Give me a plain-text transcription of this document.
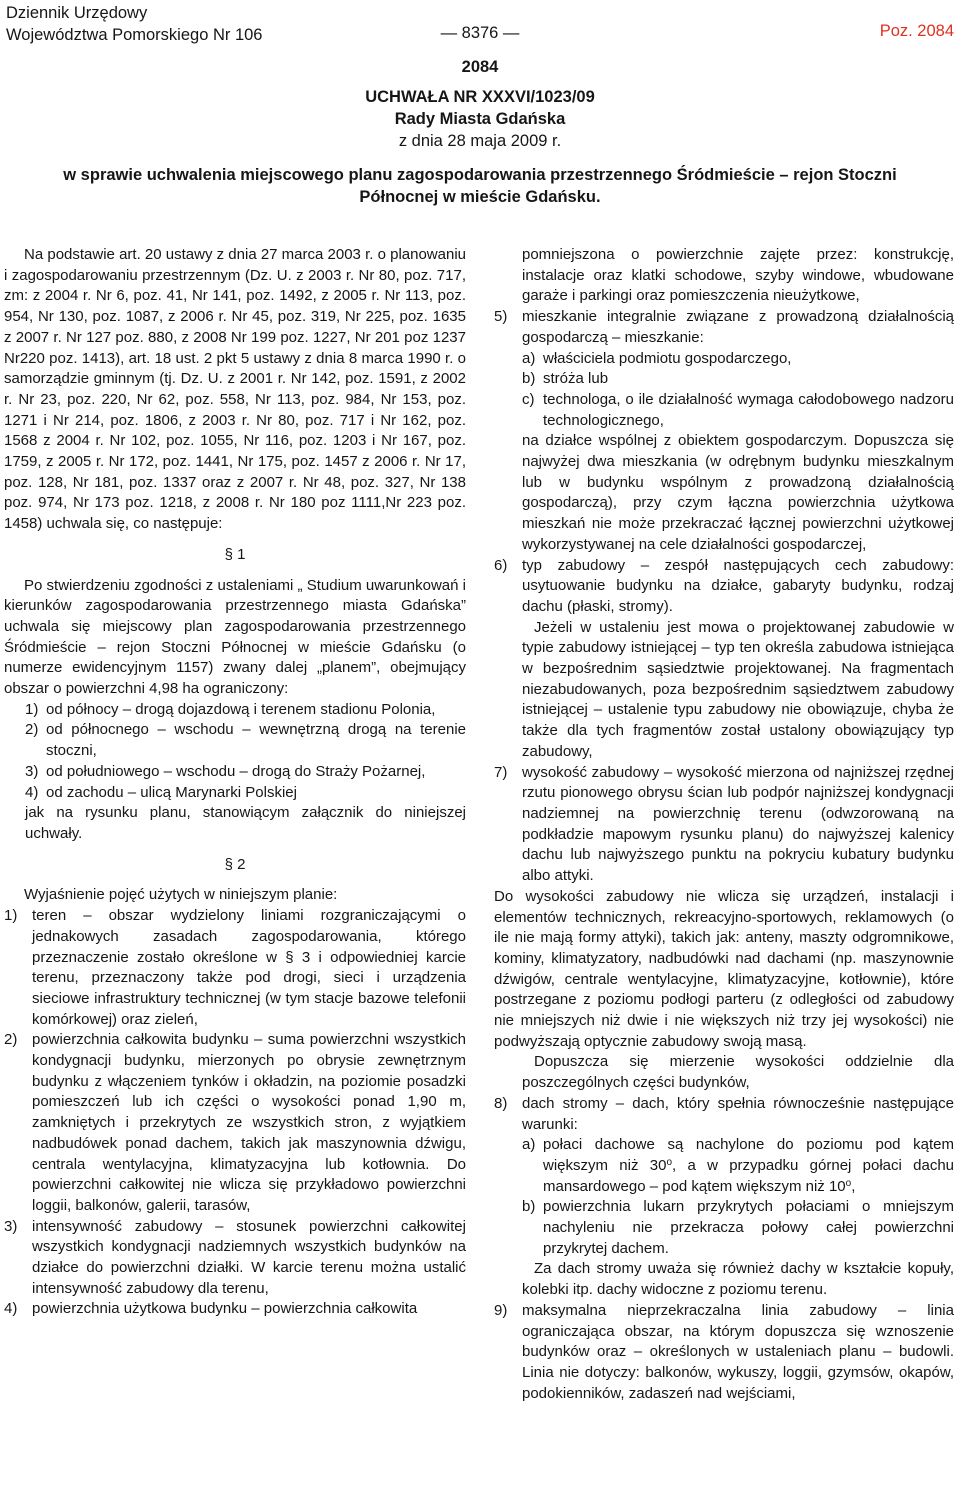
Dziennik Urzędowy
Województwa Pomorskiego Nr 106	— 8376 —	Poz. 2084
2084
UCHWAŁA NR XXXVI/1023/09
Rady Miasta Gdańska
z dnia 28 maja 2009 r.
w sprawie uchwalenia miejscowego planu zagospodarowania przestrzennego Śródmieście – rejon Stoczni Północnej w mieście Gdańsku.

Na podstawie art. 20 ustawy z dnia 27 marca 2003 r. o planowaniu i zagospodarowaniu przestrzennym (Dz. U. z 2003 r. Nr 80, poz. 717, zm: z 2004 r. Nr 6, poz. 41, Nr 141, poz. 1492, z 2005 r. Nr 113, poz. 954, Nr 130, poz. 1087, z 2006 r. Nr 45, poz. 319, Nr 225, poz. 1635 z 2007 r. Nr 127 poz. 880, z 2008 Nr 199 poz. 1227, Nr 201 poz 1237 Nr220 poz. 1413), art. 18 ust. 2 pkt 5 ustawy z dnia 8 marca 1990 r. o samorządzie gminnym (tj. Dz. U. z 2001 r. Nr 142, poz. 1591, z 2002 r. Nr 23, poz. 220, Nr 62, poz. 558, Nr 113, poz. 984, Nr 153, poz. 1271 i Nr 214, poz. 1806, z 2003 r. Nr 80, poz. 717 i Nr 162, poz. 1568 z 2004 r. Nr 102, poz. 1055, Nr 116, poz. 1203 i Nr 167, poz. 1759, z 2005 r. Nr 172, poz. 1441, Nr 175, poz. 1457 z 2006 r. Nr 17, poz. 128, Nr 181, poz. 1337 oraz z 2007 r. Nr 48, poz. 327, Nr 138 poz. 974, Nr 173 poz. 1218, z 2008 r. Nr 180 poz 1111,Nr 223 poz. 1458) uchwala się, co następuje:

§ 1

Po stwierdzeniu zgodności z ustaleniami „ Studium uwarunkowań i kierunków zagospodarowania przestrzennego miasta Gdańska” uchwala się miejscowy plan zagospodarowania przestrzennego Śródmieście – rejon Stoczni Północnej w mieście Gdańsku (o numerze ewidencyjnym 1157) zwany dalej „planem”, obejmujący obszar o powierzchni 4,98 ha ograniczony:

1) od północy – drogą dojazdową i terenem stadionu Polonia,
2) od północnego – wschodu – wewnętrzną drogą na terenie stoczni,
3) od południowego – wschodu – drogą do Straży Pożarnej,
4) od zachodu – ulicą Marynarki Polskiej

jak na rysunku planu, stanowiącym załącznik do niniejszej uchwały.

§ 2

Wyjaśnienie pojęć użytych w niniejszym planie:

1) teren – obszar wydzielony liniami rozgraniczającymi o jednakowych zasadach zagospodarowania, którego przeznaczenie zostało określone w § 3 i odpowiedniej karcie terenu, przeznaczony także pod drogi, sieci i urządzenia sieciowe infrastruktury technicznej (w tym stacje bazowe telefonii komórkowej) oraz zieleń,
2) powierzchnia całkowita budynku – suma powierzchni wszystkich kondygnacji budynku, mierzonych po obrysie zewnętrznym budynku z włączeniem tynków i okładzin, na poziomie posadzki pomieszczeń lub ich części o wysokości ponad 1,90 m, zamkniętych i przekrytych ze wszystkich stron, z wyjątkiem nadbudówek ponad dachem, takich jak maszynownia dźwigu, centrala wentylacyjna, klimatyzacyjna lub kotłownia. Do powierzchni całkowitej nie wlicza się przykładowo powierzchni loggii, balkonów, galerii, tarasów,
3) intensywność zabudowy – stosunek powierzchni całkowitej wszystkich kondygnacji nadziemnych wszystkich budynków na działce do powierzchni działki. W karcie terenu można ustalić intensywność zabudowy dla terenu,
4) powierzchnia użytkowa budynku – powierzchnia całkowita

pomniejszona o powierzchnie zajęte przez: konstrukcję, instalacje oraz klatki schodowe, szyby windowe, wbudowane garaże i parkingi oraz pomieszczenia nieużytkowe,

5) mieszkanie integralnie związane z prowadzoną działalnością gospodarczą – mieszkanie:
a) właściciela podmiotu gospodarczego,
b) stróża lub
c) technologa, o ile działalność wymaga całodobowego nadzoru technologicznego,

na działce wspólnej z obiektem gospodarczym. Dopuszcza się najwyżej dwa mieszkania (w odrębnym budynku mieszkalnym lub w budynku wspólnym z prowadzoną działalnością gospodarczą), przy czym łączna powierzchnia użytkowa mieszkań nie może przekraczać łącznej powierzchni użytkowej wykorzystywanej na cele działalności gospodarczej,

6) typ zabudowy – zespół następujących cech zabudowy: usytuowanie budynku na działce, gabaryty budynku, rodzaj dachu (płaski, stromy).

Jeżeli w ustaleniu jest mowa o projektowanej zabudowie w typie zabudowy istniejącej – typ ten określa zabudowa istniejąca w bezpośrednim sąsiedztwie projektowanej. Na fragmentach niezabudowanych, poza bezpośrednim sąsiedztwem zabudowy istniejącej – ustalenie typu zabudowy nie obowiązuje, chyba że także dla tych fragmentów został ustalony obowiązujący typ zabudowy,

7) wysokość zabudowy – wysokość mierzona od najniższej rzędnej rzutu pionowego obrysu ścian lub podpór najniższej kondygnacji nadziemnej na powierzchnię terenu (odwzorowaną na podkładzie mapowym rysunku planu) do najwyższej kalenicy dachu lub najwyższego punktu na pokryciu kubatury budynku albo attyki.

Do wysokości zabudowy nie wlicza się urządzeń, instalacji i elementów technicznych, rekreacyjno-sportowych, reklamowych (o ile nie mają formy attyki), takich jak: anteny, maszty odgromnikowe, kominy, klimatyzatory, nadbudówki nad dachami (np. maszynownie dźwigów, centrale wentylacyjne, klimatyzacyjne, kotłownie), które postrzegane z poziomu podłogi parteru (z odległości od zabudowy nie mniejszych niż dwie i nie większych niż trzy jej wysokości) nie podwyższają optycznie zabudowy swoją masą.

Dopuszcza się mierzenie wysokości oddzielnie dla poszczególnych części budynków,

8) dach stromy – dach, który spełnia równocześnie następujące warunki:
a) połaci dachowe są nachylone do poziomu pod kątem większym niż 30$^o$, a w przypadku górnej połaci dachu mansardowego – pod kątem większym niż 10$^o$,
b) powierzchnia lukarn przykrytych połaciami o mniejszym nachyleniu nie przekracza połowy całej powierzchni przykrytej dachem.

Za dach stromy uważa się również dachy w kształcie kopuły, kolebki itp. dachy widoczne z poziomu terenu.

9) maksymalna nieprzekraczalna linia zabudowy – linia ograniczająca obszar, na którym dopuszcza się wznoszenie budynków oraz – określonych w ustaleniach planu – budowli. Linia nie dotyczy: balkonów, wykuszy, loggii, gzymsów, okapów, podokienników, zadaszeń nad wejściami,
